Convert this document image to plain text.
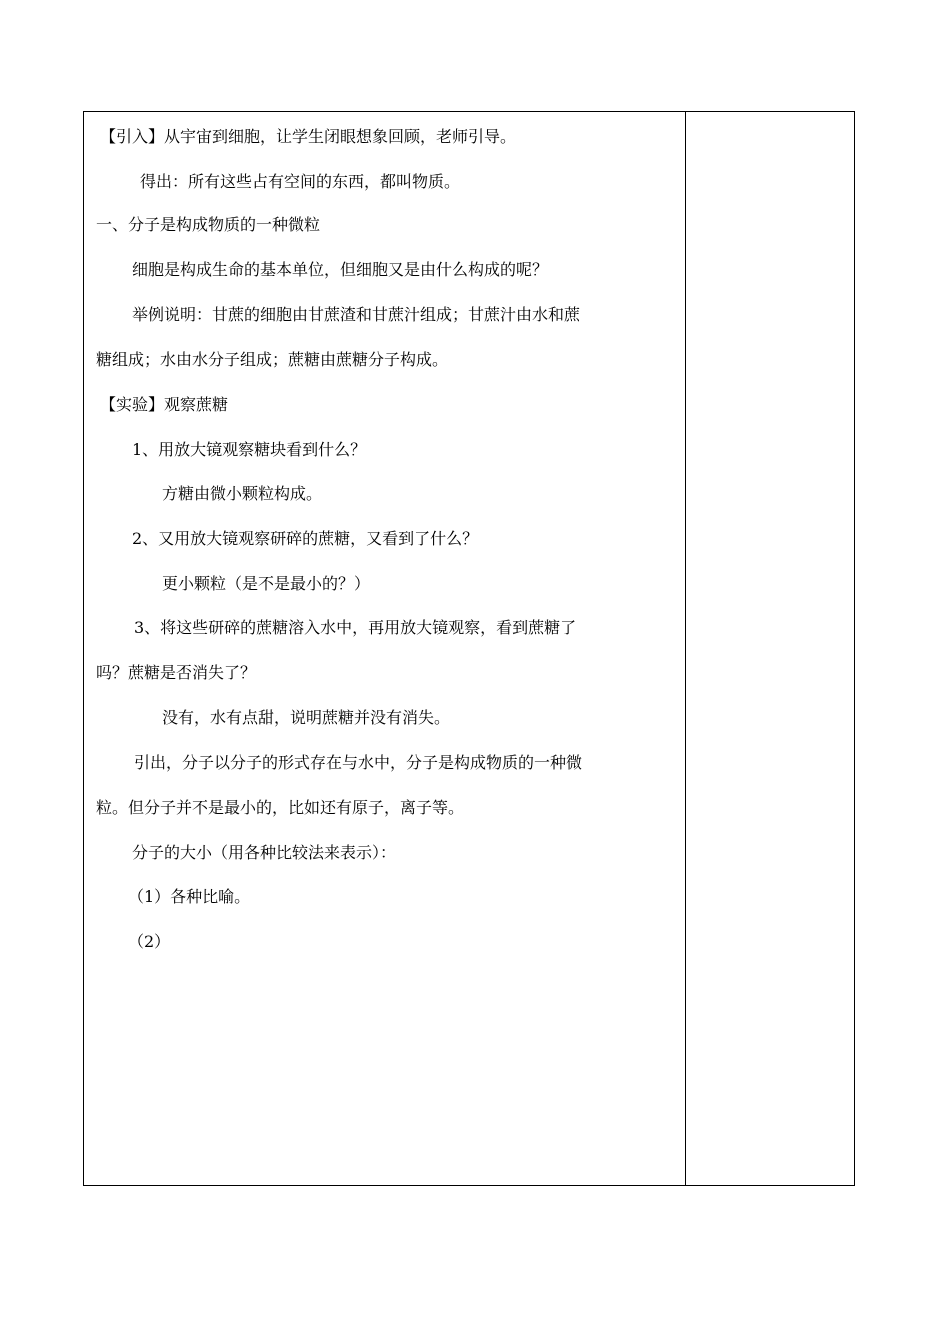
【引入】从宇宙到细胞，让学生闭眼想象回顾，老师引导。
得出：所有这些占有空间的东西，都叫物质。
一、分子是构成物质的一种微粒
细胞是构成生命的基本单位，但细胞又是由什么构成的呢？
举例说明：甘蔗的细胞由甘蔗渣和甘蔗汁组成；甘蔗汁由水和蔗
糖组成；水由水分子组成；蔗糖由蔗糖分子构成。
【实验】观察蔗糖
1、用放大镜观察糖块看到什么？
方糖由微小颗粒构成。
2、又用放大镜观察研碎的蔗糖，又看到了什么？
更小颗粒（是不是最小的？）
3、将这些研碎的蔗糖溶入水中，再用放大镜观察，看到蔗糖了
吗？蔗糖是否消失了？
没有，水有点甜，说明蔗糖并没有消失。
引出，分子以分子的形式存在与水中，分子是构成物质的一种微
粒。但分子并不是最小的，比如还有原子，离子等。
分子的大小（用各种比较法来表示）：
（1）各种比喻。
（2）
